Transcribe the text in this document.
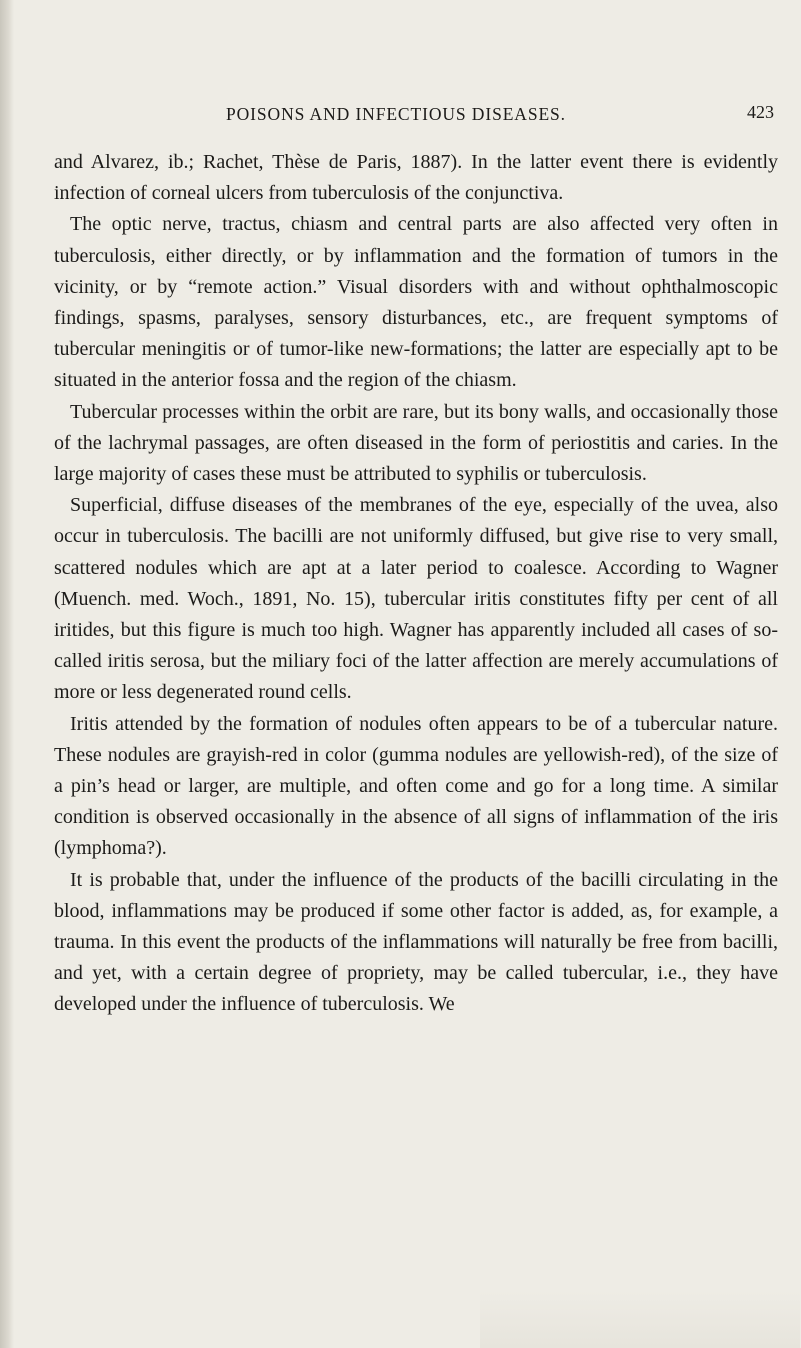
POISONS AND INFECTIOUS DISEASES.	423

and Alvarez, ib.; Rachet, Thèse de Paris, 1887). In the latter event there is evidently infection of corneal ulcers from tuberculosis of the conjunctiva.

The optic nerve, tractus, chiasm and central parts are also affected very often in tuberculosis, either directly, or by inflammation and the formation of tumors in the vicinity, or by “remote action.” Visual disorders with and without ophthalmoscopic findings, spasms, paralyses, sensory disturbances, etc., are frequent symptoms of tubercular meningitis or of tumor-like new-formations; the latter are especially apt to be situated in the anterior fossa and the region of the chiasm.

Tubercular processes within the orbit are rare, but its bony walls, and occasionally those of the lachrymal passages, are often diseased in the form of periostitis and caries. In the large majority of cases these must be attributed to syphilis or tuberculosis.

Superficial, diffuse diseases of the membranes of the eye, especially of the uvea, also occur in tuberculosis. The bacilli are not uniformly diffused, but give rise to very small, scattered nodules which are apt at a later period to coalesce. According to Wagner (Muench. med. Woch., 1891, No. 15), tubercular iritis constitutes fifty per cent of all iritides, but this figure is much too high. Wagner has apparently included all cases of so-called iritis serosa, but the miliary foci of the latter affection are merely accumulations of more or less degenerated round cells.

Iritis attended by the formation of nodules often appears to be of a tubercular nature. These nodules are grayish-red in color (gumma nodules are yellowish-red), of the size of a pin’s head or larger, are multiple, and often come and go for a long time. A similar condition is observed occasionally in the absence of all signs of inflammation of the iris (lymphoma?).

It is probable that, under the influence of the products of the bacilli circulating in the blood, inflammations may be produced if some other factor is added, as, for example, a trauma. In this event the products of the inflammations will naturally be free from bacilli, and yet, with a certain degree of propriety, may be called tubercular, i.e., they have developed under the influence of tuberculosis. We
